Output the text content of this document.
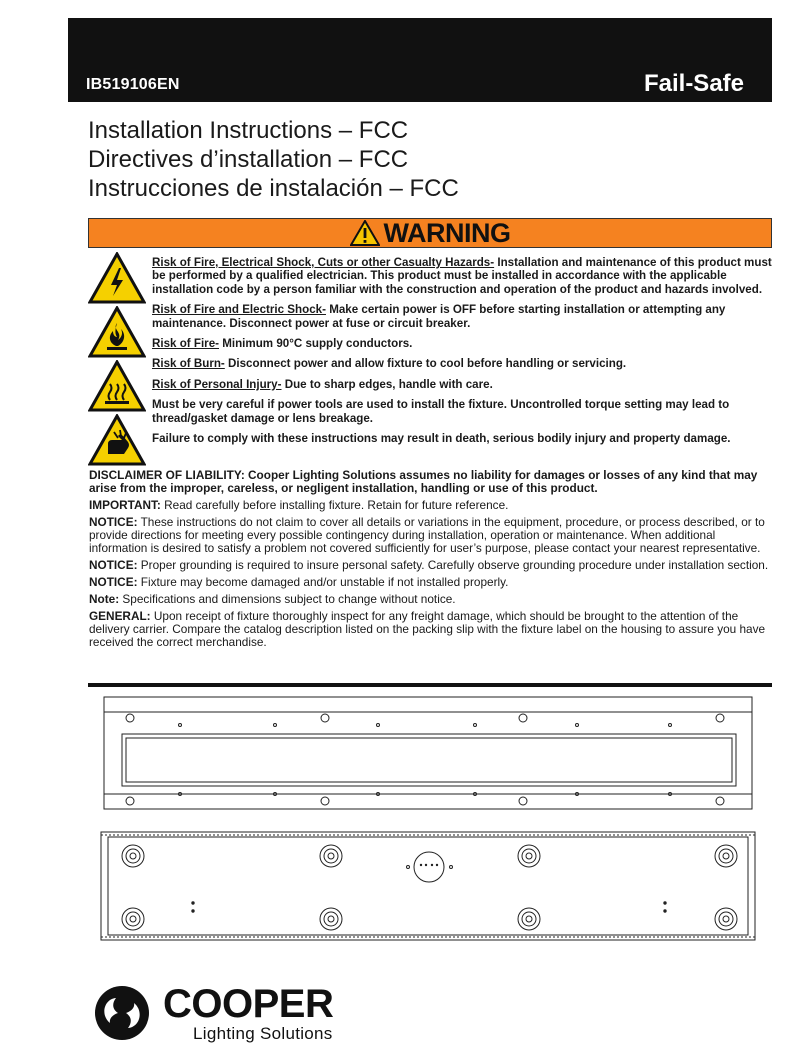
IB519106EN	Fail-Safe
Installation Instructions – FCC
Directives d’installation – FCC
Instrucciones de instalación – FCC
WARNING

Risk of Fire, Electrical Shock, Cuts or other Casualty Hazards- Installation and maintenance of this product must be performed by a qualified electrician. This product must be installed in accordance with the applicable installation code by a person familiar with the construction and operation of the product and hazards involved.

Risk of Fire and Electric Shock- Make certain power is OFF before starting installation or attempting any maintenance. Disconnect power at fuse or circuit breaker.

Risk of Fire- Minimum 90°C supply conductors.

Risk of Burn- Disconnect power and allow fixture to cool before handling or servicing.

Risk of Personal Injury- Due to sharp edges, handle with care.

Must be very careful if power tools are used to install the fixture. Uncontrolled torque setting may lead to thread/gasket damage or lens breakage.

Failure to comply with these instructions may result in death, serious bodily injury and property damage.

DISCLAIMER OF LIABILITY: Cooper Lighting Solutions assumes no liability for damages or losses of any kind that may arise from the improper, careless, or negligent installation, handling or use of this product.

IMPORTANT: Read carefully before installing fixture. Retain for future reference.

NOTICE: These instructions do not claim to cover all details or variations in the equipment, procedure, or process described, or to provide directions for meeting every possible contingency during installation, operation or maintenance. When additional information is desired to satisfy a problem not covered sufficiently for user’s purpose, please contact your nearest representative.

NOTICE: Proper grounding is required to insure personal safety. Carefully observe grounding procedure under installation section.

NOTICE: Fixture may become damaged and/or unstable if not installed properly.

Note: Specifications and dimensions subject to change without notice.

GENERAL: Upon receipt of fixture thoroughly inspect for any freight damage, which should be brought to the attention of the delivery carrier. Compare the catalog description listed on the packing slip with the fixture label on the housing to assure you have received the correct merchandise.

COOPER
Lighting Solutions
